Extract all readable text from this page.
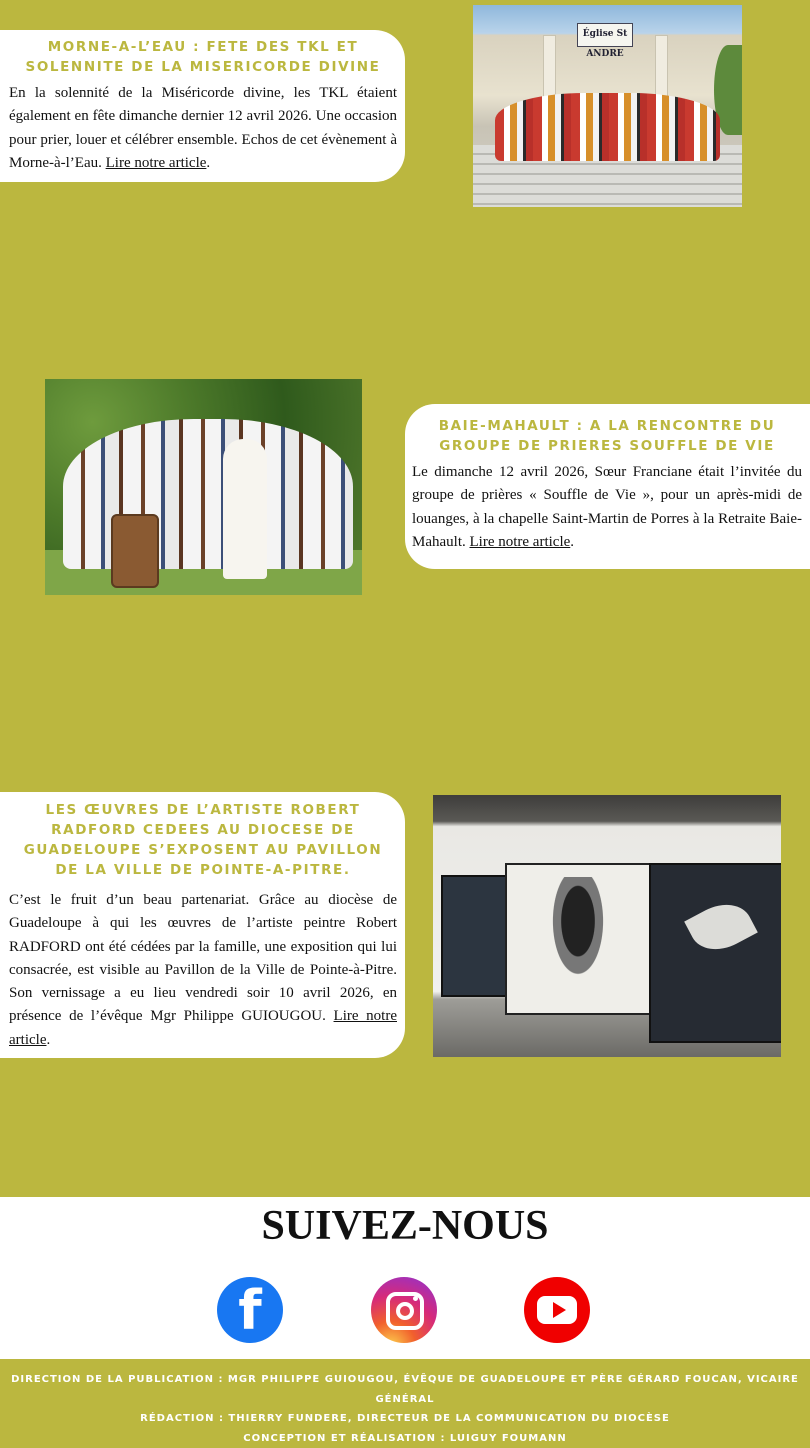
MORNE-A-L’EAU : FETE DES TKL ET SOLENNITE DE LA MISERICORDE DIVINE

En la solennité de la Miséricorde divine, les TKL étaient également en fête dimanche dernier 12 avril 2026. Une occasion pour prier, louer et célébrer ensemble. Echos de cet évènement à Morne-à-l’Eau. Lire notre article.

Église St ANDRE
BAIE-MAHAULT : A LA RENCONTRE DU GROUPE DE PRIERES SOUFFLE DE VIE

Le dimanche 12 avril 2026, Sœur Franciane était l’invitée du groupe de prières « Souffle de Vie », pour un après-midi de louanges, à la chapelle Saint-Martin de Porres à la Retraite Baie-Mahault. Lire notre article.

LES ŒUVRES DE L’ARTISTE ROBERT RADFORD CEDEES AU DIOCESE DE GUADELOUPE S’EXPOSENT AU PAVILLON DE LA VILLE DE POINTE-A-PITRE.

C’est le fruit d’un beau partenariat. Grâce au diocèse de Guadeloupe à qui les œuvres de l’artiste peintre Robert RADFORD ont été cédées par la famille, une exposition qui lui consacrée, est visible au Pavillon de la Ville de Pointe-à-Pitre. Son vernissage a eu lieu vendredi soir 10 avril 2026, en présence de l’évêque Mgr Philippe GUIOUGOU. Lire notre article.

SUIVEZ-NOUS
f
DIRECTION DE LA PUBLICATION : MGR PHILIPPE GUIOUGOU, ÉVÊQUE DE GUADELOUPE ET PÈRE GÉRARD FOUCAN, VICAIRE GÉNÉRAL
RÉDACTION : THIERRY FUNDERE, DIRECTEUR DE LA COMMUNICATION DU DIOCÈSE
CONCEPTION ET RÉALISATION : LUIGUY FOUMANN
